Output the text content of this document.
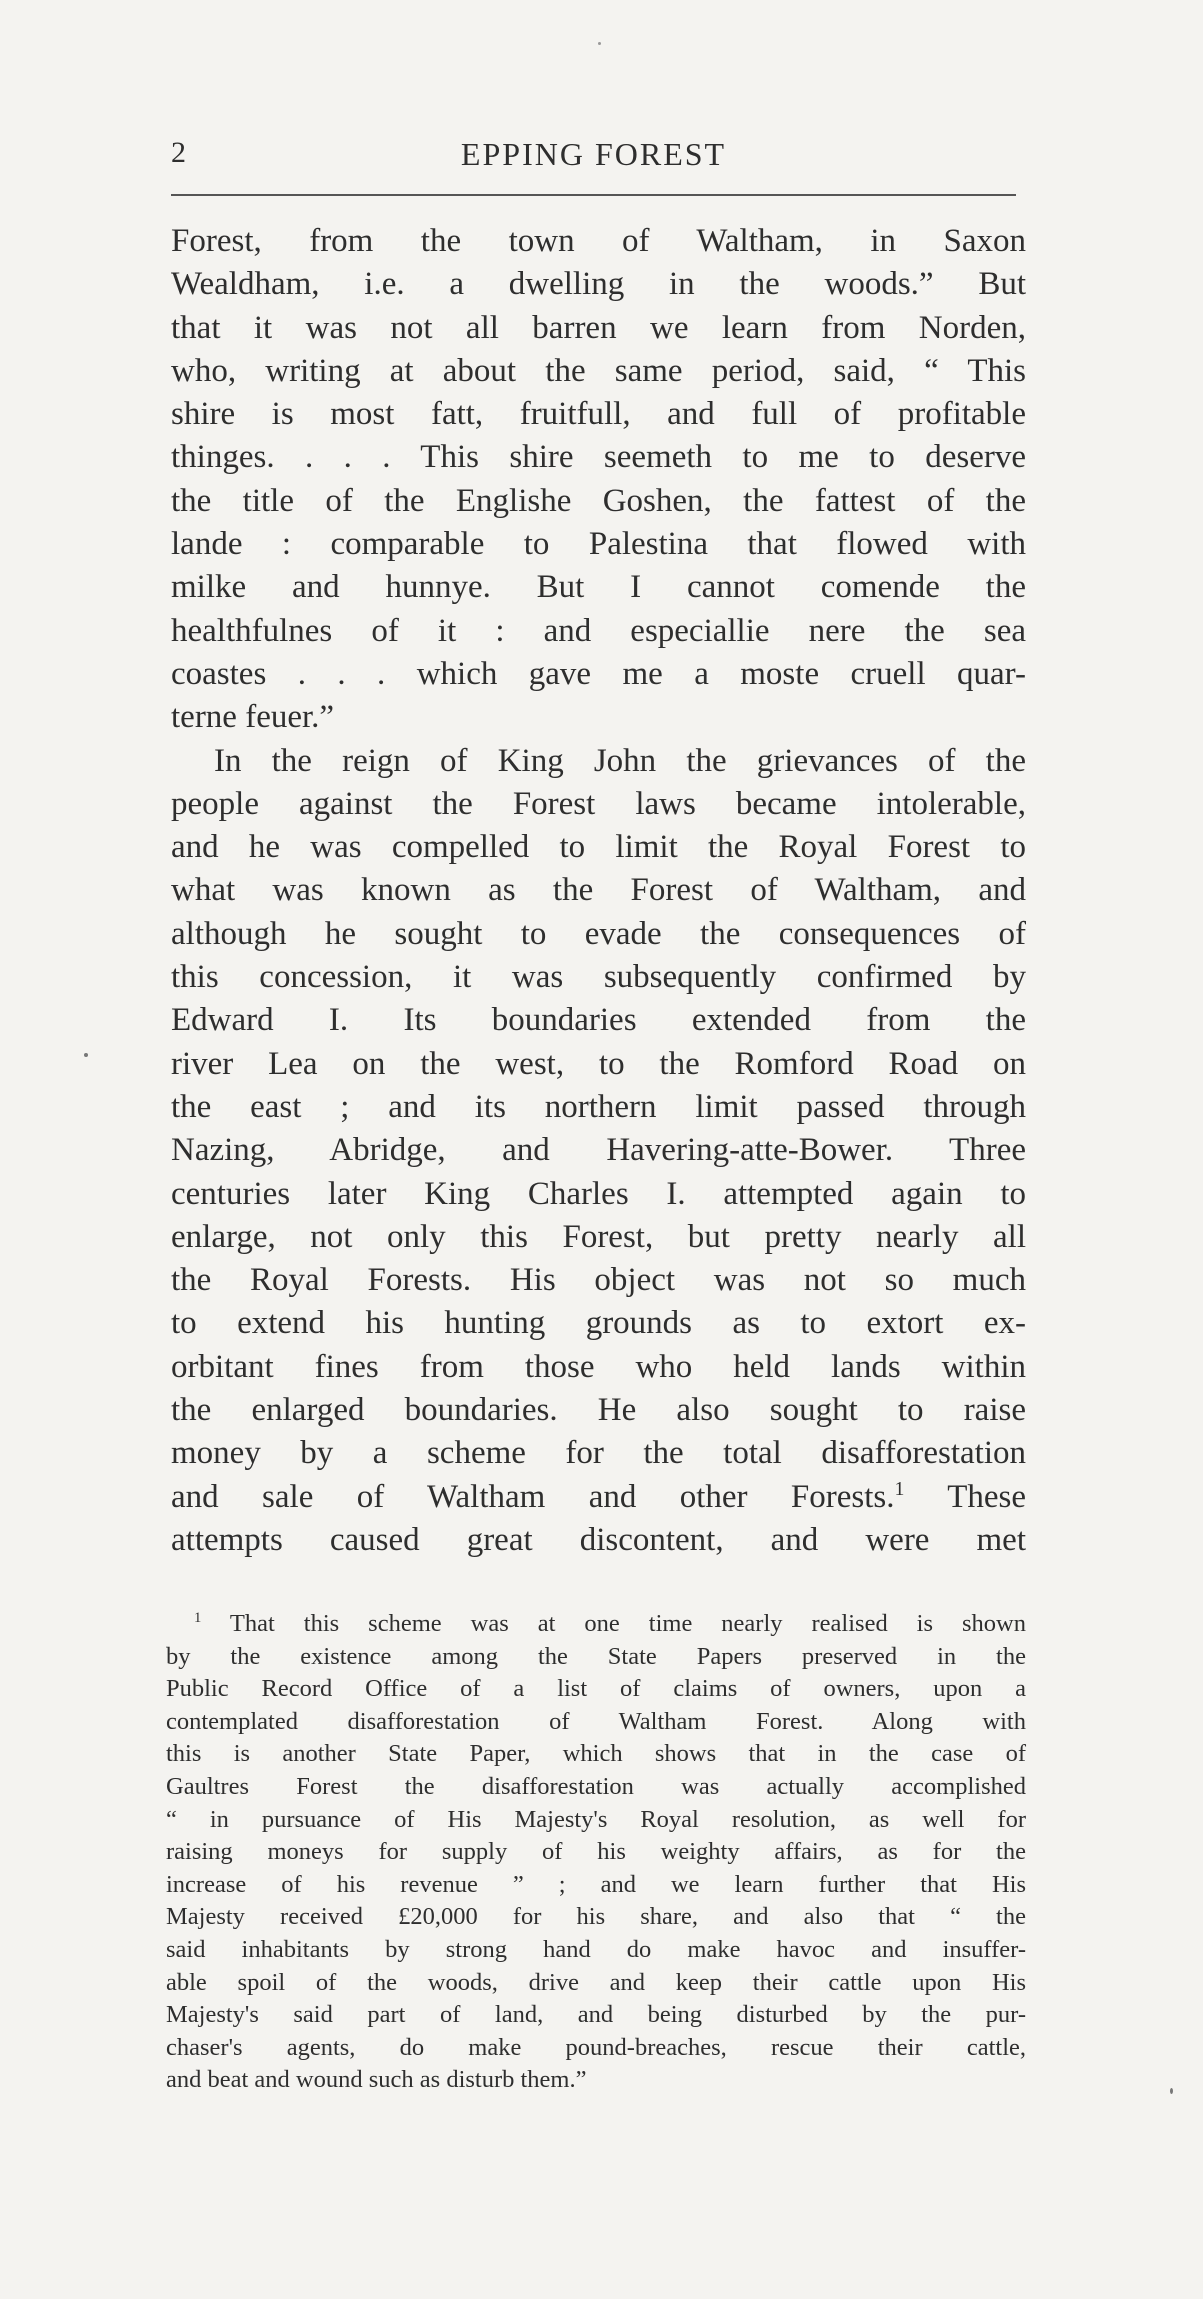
2	EPPING FOREST
Forest, from the town of Waltham, in Saxon
Wealdham, i.e. a dwelling in the woods.” But
that it was not all barren we learn from Norden,
who, writing at about the same period, said, “ This
shire is most fatt, fruitfull, and full of profitable
thinges. . . . This shire seemeth to me to deserve
the title of the Englishe Goshen, the fattest of the
lande : comparable to Palestina that flowed with
milke and hunnye. But I cannot comende the
healthfulnes of it : and especiallie nere the sea
coastes . . . which gave me a moste cruell quar-
terne feuer.”
In the reign of King John the grievances of the
people against the Forest laws became intolerable,
and he was compelled to limit the Royal Forest to
what was known as the Forest of Waltham, and
although he sought to evade the consequences of
this concession, it was subsequently confirmed by
Edward I. Its boundaries extended from the
river Lea on the west, to the Romford Road on
the east ; and its northern limit passed through
Nazing, Abridge, and Havering-atte-Bower. Three
centuries later King Charles I. attempted again to
enlarge, not only this Forest, but pretty nearly all
the Royal Forests. His object was not so much
to extend his hunting grounds as to extort ex-
orbitant fines from those who held lands within
the enlarged boundaries. He also sought to raise
money by a scheme for the total disafforestation
and sale of Waltham and other Forests.$^1$ These
attempts caused great discontent, and were met
$^1$ That this scheme was at one time nearly realised is shown
by the existence among the State Papers preserved in the
Public Record Office of a list of claims of owners, upon a
contemplated disafforestation of Waltham Forest. Along with
this is another State Paper, which shows that in the case of
Gaultres Forest the disafforestation was actually accomplished
“ in pursuance of His Majesty's Royal resolution, as well for
raising moneys for supply of his weighty affairs, as for the
increase of his revenue ” ; and we learn further that His
Majesty received £20,000 for his share, and also that “ the
said inhabitants by strong hand do make havoc and insuffer-
able spoil of the woods, drive and keep their cattle upon His
Majesty's said part of land, and being disturbed by the pur-
chaser's agents, do make pound-breaches, rescue their cattle,
and beat and wound such as disturb them.”
